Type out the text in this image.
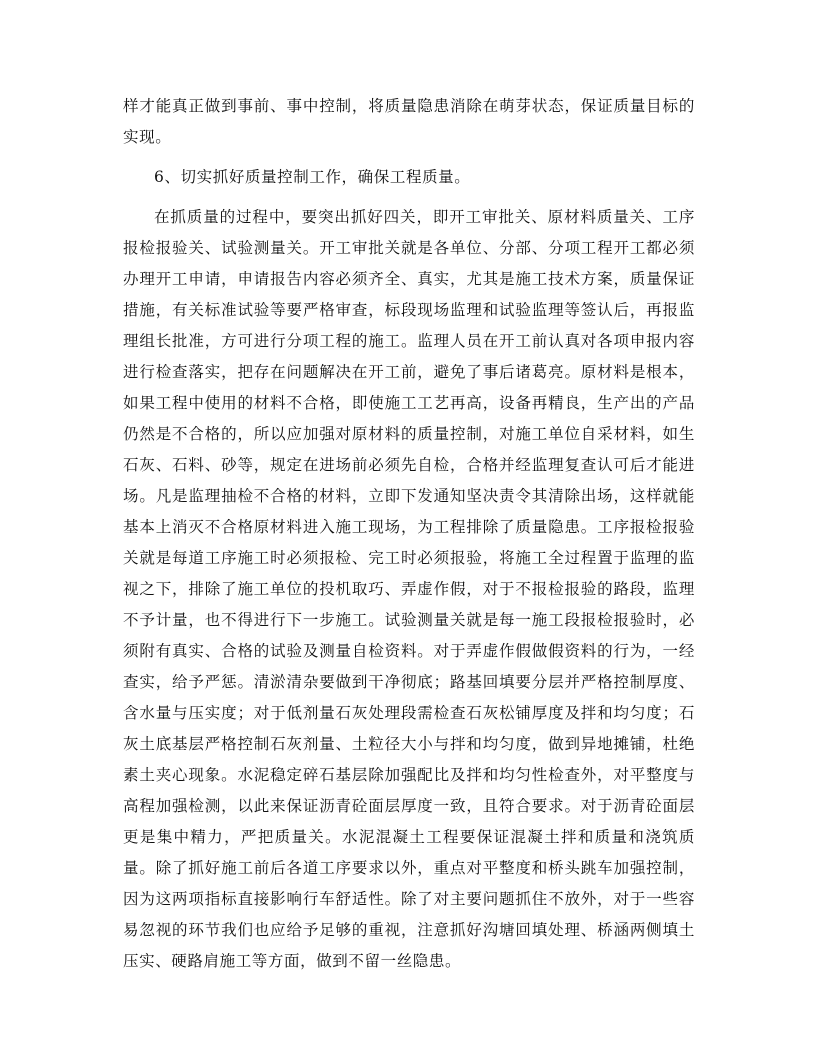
样才能真正做到事前、事中控制，将质量隐患消除在萌芽状态，保证质量目标的实现。

6、切实抓好质量控制工作，确保工程质量。

在抓质量的过程中，要突出抓好四关，即开工审批关、原材料质量关、工序报检报验关、试验测量关。开工审批关就是各单位、分部、分项工程开工都必须办理开工申请，申请报告内容必须齐全、真实，尤其是施工技术方案，质量保证措施，有关标准试验等要严格审查，标段现场监理和试验监理等签认后，再报监理组长批准，方可进行分项工程的施工。监理人员在开工前认真对各项申报内容进行检查落实，把存在问题解决在开工前，避免了事后诸葛亮。原材料是根本，如果工程中使用的材料不合格，即使施工工艺再高，设备再精良，生产出的产品仍然是不合格的，所以应加强对原材料的质量控制，对施工单位自采材料，如生石灰、石料、砂等，规定在进场前必须先自检，合格并经监理复查认可后才能进场。凡是监理抽检不合格的材料，立即下发通知坚决责令其清除出场，这样就能基本上消灭不合格原材料进入施工现场，为工程排除了质量隐患。工序报检报验关就是每道工序施工时必须报检、完工时必须报验，将施工全过程置于监理的监视之下，排除了施工单位的投机取巧、弄虚作假，对于不报检报验的路段，监理不予计量，也不得进行下一步施工。试验测量关就是每一施工段报检报验时，必须附有真实、合格的试验及测量自检资料。对于弄虚作假做假资料的行为，一经查实，给予严惩。清淤清杂要做到干净彻底；路基回填要分层并严格控制厚度、含水量与压实度；对于低剂量石灰处理段需检查石灰松铺厚度及拌和均匀度；石灰土底基层严格控制石灰剂量、土粒径大小与拌和均匀度，做到异地摊铺，杜绝素土夹心现象。水泥稳定碎石基层除加强配比及拌和均匀性检查外，对平整度与高程加强检测，以此来保证沥青砼面层厚度一致，且符合要求。对于沥青砼面层更是集中精力，严把质量关。水泥混凝土工程要保证混凝土拌和质量和浇筑质量。除了抓好施工前后各道工序要求以外，重点对平整度和桥头跳车加强控制，因为这两项指标直接影响行车舒适性。除了对主要问题抓住不放外，对于一些容易忽视的环节我们也应给予足够的重视，注意抓好沟塘回填处理、桥涵两侧填土压实、硬路肩施工等方面，做到不留一丝隐患。
